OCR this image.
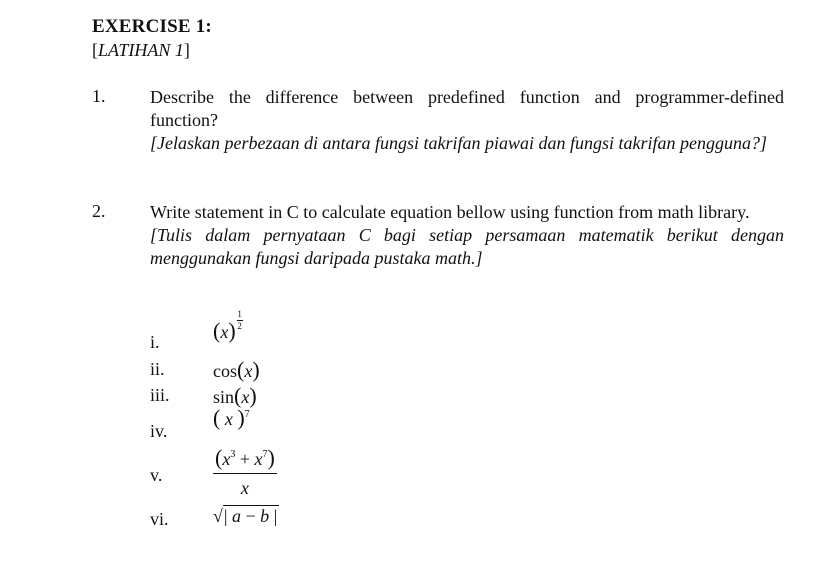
EXERCISE 1:
[LATIHAN 1]
1. Describe the difference between predefined function and programmer-defined function?
[Jelaskan perbezaan di antara fungsi takrifan piawai dan fungsi takrifan pengguna?]
2. Write statement in C to calculate equation bellow using function from math library.
[Tulis dalam pernyataan C bagi setiap persamaan matematik berikut dengan menggunakan fungsi daripada pustaka math.]
i. $(x)\frac{1}{2}$
ii.	cos(x)
iii. sin(x)
iv.
( x )$^7$
v. $\frac{(x^3 + x^7)}{x}$
vi. √| a − b |
